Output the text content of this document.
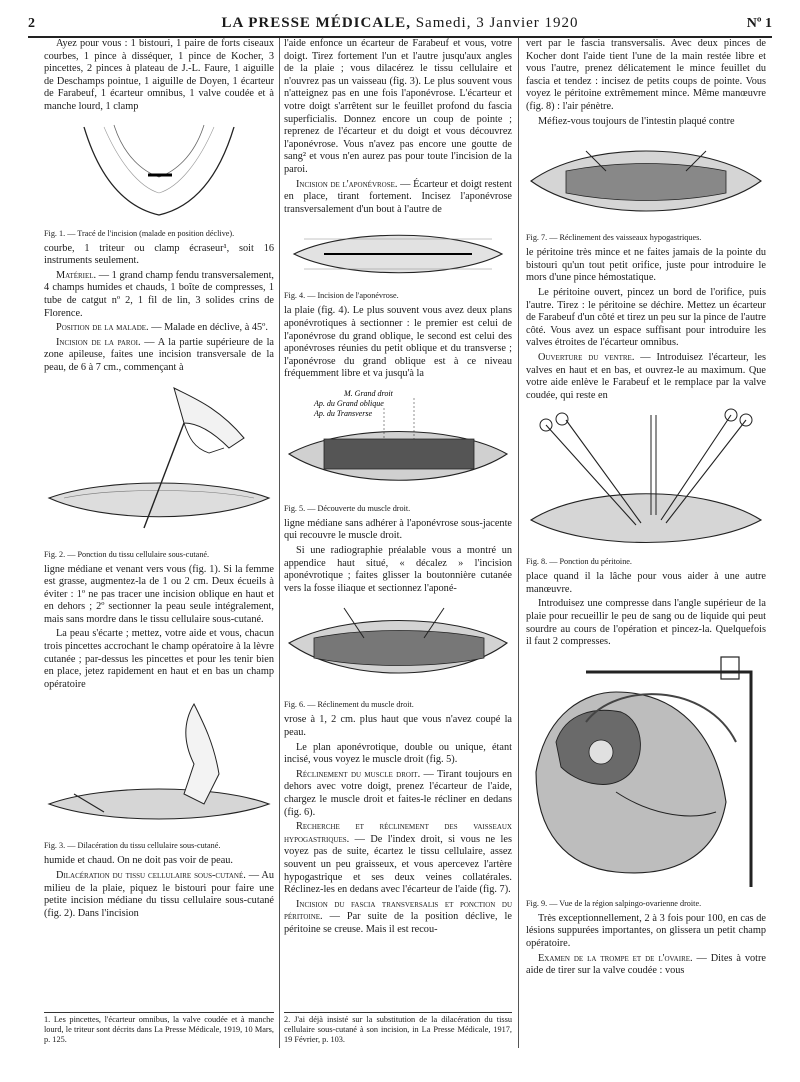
2	LA PRESSE MÉDICALE, Samedi, 3 Janvier 1920	Nº 1

Ayez pour vous : 1 bistouri, 1 paire de forts ciseaux courbes, 1 pince à disséquer, 1 pince de Kocher, 3 pincettes, 2 pinces à plateau de J.-L. Faure, 1 aiguille de Deschamps pointue, 1 aiguille de Doyen, 1 écarteur de Farabeuf, 1 écarteur omnibus, 1 valve coudée et à manche lourd, 1 clamp

Fig. 1. — Tracé de l'incision (malade en position déclive).

courbe, 1 triteur ou clamp écraseur¹, soit 16 instruments seulement.

Matériel. — 1 grand champ fendu transversalement, 4 champs humides et chauds, 1 boîte de compresses, 1 tube de catgut nº 2, 1 fil de lin, 3 solides crins de Florence.

Position de la malade. — Malade en déclive, à 45º.

Incision de la paroi. — A la partie supérieure de la zone apileuse, faites une incision transversale de la peau, de 6 à 7 cm., commençant à

Fig. 2. — Ponction du tissu cellulaire sous-cutané.

ligne médiane et venant vers vous (fig. 1). Si la femme est grasse, augmentez-la de 1 ou 2 cm. Deux écueils à éviter : 1º ne pas tracer une incision oblique en haut et en dehors ; 2º sectionner la peau seule intégralement, mais sans mordre dans le tissu cellulaire sous-cutané.

La peau s'écarte ; mettez, votre aide et vous, chacun trois pincettes accrochant le champ opératoire à la lèvre cutanée ; par-dessus les pincettes et pour les tenir bien en place, jetez rapidement en haut et en bas un champ opératoire

Fig. 3. — Dilacération du tissu cellulaire sous-cutané.

humide et chaud. On ne doit pas voir de peau.

Dilacération du tissu cellulaire sous-cutané. — Au milieu de la plaie, piquez le bistouri pour faire une petite incision médiane du tissu cellulaire sous-cutané (fig. 2). Dans l'incision

1. Les pincettes, l'écarteur omnibus, la valve coudée et à manche lourd, le triteur sont décrits dans La Presse Médicale, 1919, 10 Mars, p. 125.

l'aide enfonce un écarteur de Farabeuf et vous, votre doigt. Tirez fortement l'un et l'autre jusqu'aux angles de la plaie ; vous dilacérez le tissu cellulaire et n'ouvrez pas un vaisseau (fig. 3). Le plus souvent vous n'atteignez pas en une fois l'aponévrose. L'écarteur et votre doigt s'arrêtent sur le feuillet profond du fascia superficialis. Donnez encore un coup de pointe ; reprenez de l'écarteur et du doigt et vous découvrez l'aponévrose. Vous n'avez pas encore une goutte de sang² et vous n'en aurez pas pour toute l'incision de la paroi.

Incision de l'aponévrose. — Écarteur et doigt restent en place, tirant fortement. Incisez l'aponévrose transversalement d'un bout à l'autre de

Fig. 4. — Incision de l'aponévrose.

la plaie (fig. 4). Le plus souvent vous avez deux plans aponévrotiques à sectionner : le premier est celui de l'aponévrose du grand oblique, le second est celui des aponévroses réunies du petit oblique et du transverse ; l'aponévrose du grand oblique est à ce niveau fréquemment libre et va jusqu'à la

M. Grand droit
Ap. du Grand oblique
Ap. du Transverse
Fig. 5. — Découverte du muscle droit.

ligne médiane sans adhérer à l'aponévrose sous-jacente qui recouvre le muscle droit.

Si une radiographie préalable vous a montré un appendice haut situé, « décalez » l'incision aponévrotique ; faites glisser la boutonnière cutanée vers la fosse iliaque et sectionnez l'aponé-

Fig. 6. — Réclinement du muscle droit.

vrose à 1, 2 cm. plus haut que vous n'avez coupé la peau.

Le plan aponévrotique, double ou unique, étant incisé, vous voyez le muscle droit (fig. 5).

Réclinement du muscle droit. — Tirant toujours en dehors avec votre doigt, prenez l'écarteur de l'aide, chargez le muscle droit et faites-le récliner en dedans (fig. 6).

Recherche et réclinement des vaisseaux hypogastriques. — De l'index droit, si vous ne les voyez pas de suite, écartez le tissu cellulaire, assez souvent un peu graisseux, et vous apercevez l'artère hypogastrique et ses deux veines collatérales. Réclinez-les en dedans avec l'écarteur de l'aide (fig. 7).

Incision du fascia transversalis et ponction du péritoine. — Par suite de la position déclive, le péritoine se creuse. Mais il est recou-

2. J'ai déjà insisté sur la substitution de la dilacération du tissu cellulaire sous-cutané à son incision, in La Presse Médicale, 1917, 19 Février, p. 103.

vert par le fascia transversalis. Avec deux pinces de Kocher dont l'aide tient l'une de la main restée libre et vous l'autre, prenez délicatement le mince feuillet du fascia et tendez : incisez de petits coups de pointe. Vous voyez le péritoine extrêmement mince. Même manœuvre (fig. 8) : l'air pénètre.

Méfiez-vous toujours de l'intestin plaqué contre

Fig. 7. — Réclinement des vaisseaux hypogastriques.

le péritoine très mince et ne faites jamais de la pointe du bistouri qu'un tout petit orifice, juste pour introduire le mors d'une pince hémostatique.

Le péritoine ouvert, pincez un bord de l'orifice, puis l'autre. Tirez : le péritoine se déchire. Mettez un écarteur de Farabeuf d'un côté et tirez un peu sur la pince de l'autre côté. Vous avez un espace suffisant pour introduire les valves étroites de l'écarteur omnibus.

Ouverture du ventre. — Introduisez l'écarteur, les valves en haut et en bas, et ouvrez-le au maximum. Que votre aide enlève le Farabeuf et le remplace par la valve coudée, qui reste en

Fig. 8. — Ponction du péritoine.

place quand il la lâche pour vous aider à une autre manœuvre.

Introduisez une compresse dans l'angle supérieur de la plaie pour recueillir le peu de sang ou de liquide qui peut sourdre au cours de l'opération et pincez-la. Quelquefois il faut 2 compresses.

Fig. 9. — Vue de la région salpingo-ovarienne droite.

Très exceptionnellement, 2 à 3 fois pour 100, en cas de lésions suppurées importantes, on glissera un petit champ opératoire.

Examen de la trompe et de l'ovaire. — Dites à votre aide de tirer sur la valve coudée : vous
